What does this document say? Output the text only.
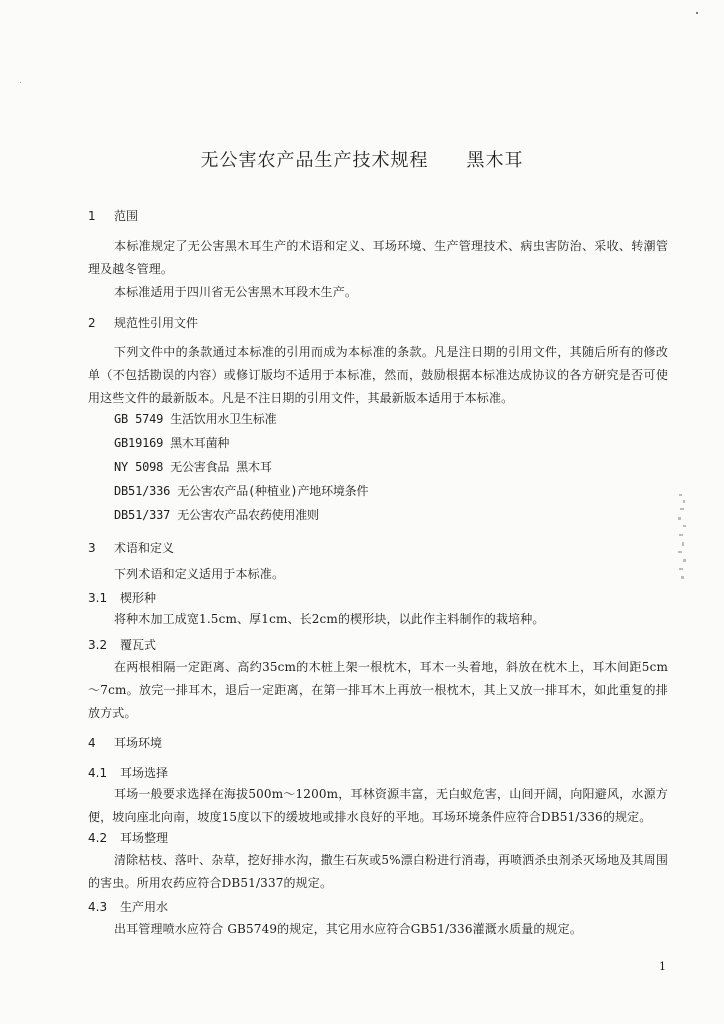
无公害农产品生产技术规程　　黑木耳
1 范围
本标准规定了无公害黑木耳生产的术语和定义、耳场环境、生产管理技术、病虫害防治、采收、转潮管理及越冬管理。
本标准适用于四川省无公害黑木耳段木生产。
2 规范性引用文件
下列文件中的条款通过本标准的引用而成为本标准的条款。凡是注日期的引用文件，其随后所有的修改单（不包括勘误的内容）或修订版均不适用于本标准，然而，鼓励根据本标准达成协议的各方研究是否可使用这些文件的最新版本。凡是不注日期的引用文件，其最新版本适用于本标准。
GB 5749 生活饮用水卫生标准
GB19169 黑木耳菌种
NY 5098 无公害食品 黑木耳
DB51/336 无公害农产品(种植业)产地环境条件
DB51/337 无公害农产品农药使用准则
3 术语和定义
下列术语和定义适用于本标准。
3.1 楔形种
将种木加工成宽1.5cm、厚1cm、长2cm的楔形块，以此作主料制作的栽培种。
3.2 覆瓦式
在两根相隔一定距离、高约35cm的木桩上架一根枕木，耳木一头着地，斜放在枕木上，耳木间距5cm～7cm。放完一排耳木，退后一定距离，在第一排耳木上再放一根枕木，其上又放一排耳木，如此重复的排放方式。
4 耳场环境
4.1 耳场选择
耳场一般要求选择在海拔500m～1200m，耳林资源丰富，无白蚁危害，山间开阔，向阳避风，水源方便，坡向座北向南，坡度15度以下的缓坡地或排水良好的平地。耳场环境条件应符合DB51/336的规定。
4.2 耳场整理
清除枯枝、落叶、杂草，挖好排水沟，撒生石灰或5%漂白粉进行消毒，再喷洒杀虫剂杀灭场地及其周围的害虫。所用农药应符合DB51/337的规定。
4.3 生产用水
出耳管理喷水应符合 GB5749的规定，其它用水应符合GB51/336灌溉水质量的规定。
1
